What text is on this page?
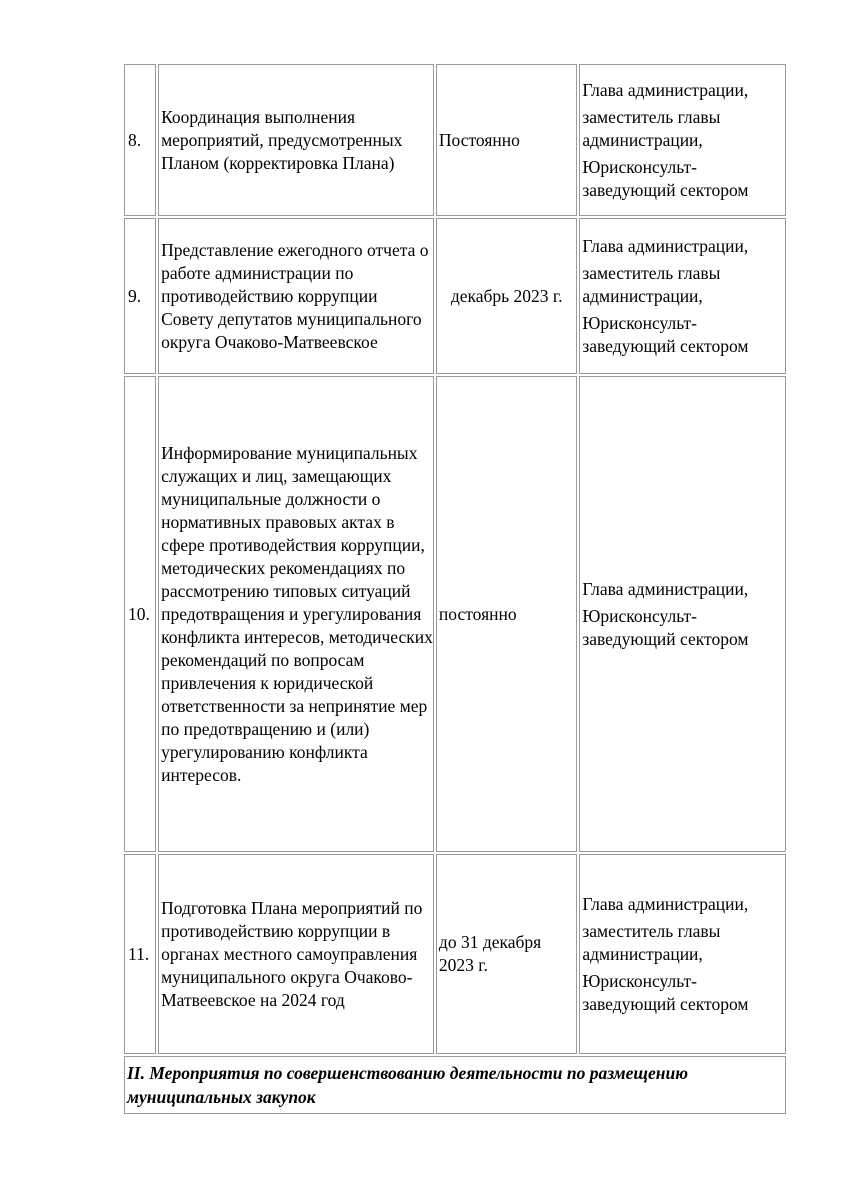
8.	Координация выполнения мероприятий, предусмотренных Планом (корректировка Плана)	Постоянно	Глава администрации,
заместитель главы администрации,
Юрисконсульт-заведующий сектором

9.	Представление ежегодного отчета о работе администрации по противодействию коррупции Совету депутатов муниципального округа Очаково-Матвеевское	декабрь 2023 г.	Глава администрации,
заместитель главы администрации,
Юрисконсульт-заведующий сектором

10.	Информирование муниципальных служащих и лиц, замещающих муниципальные должности о нормативных правовых актах в сфере противодействия коррупции, методических рекомендациях по рассмотрению типовых ситуаций предотвращения и урегулирования конфликта интересов, методических рекомендаций по вопросам привлечения к юридической ответственности за непринятие мер по предотвращению и (или) урегулированию конфликта интересов.	постоянно	Глава администрации,
Юрисконсульт-заведующий сектором

11.	Подготовка Плана мероприятий по противодействию коррупции в органах местного самоуправления муниципального округа Очаково-Матвеевское на 2024 год	до 31 декабря 2023 г.	Глава администрации,
заместитель главы администрации,
Юрисконсульт-заведующий сектором

II. Мероприятия по совершенствованию деятельности по размещению муниципальных закупок			
